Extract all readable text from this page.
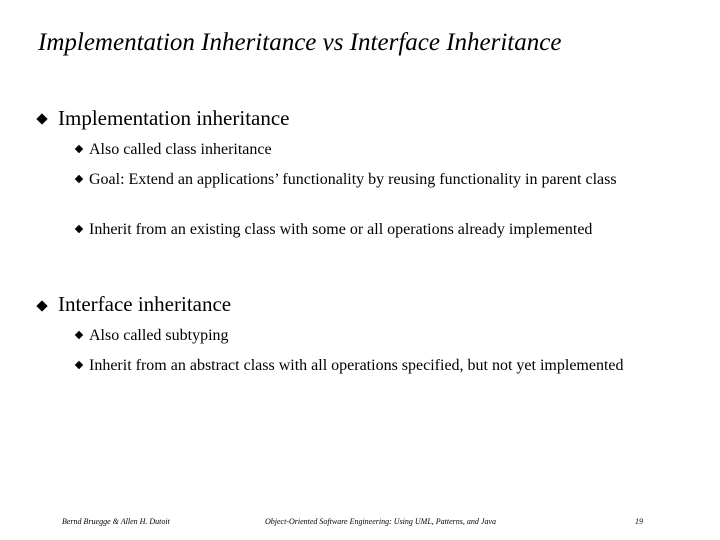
Implementation Inheritance vs Interface Inheritance
Implementation inheritance
Also called class inheritance
Goal: Extend an applications’ functionality by reusing functionality in parent class
Inherit from an existing class with some or all operations already implemented
Interface inheritance
Also called subtyping
Inherit from an abstract class with all operations specified, but not yet implemented
Bernd Bruegge & Allen H. Dutoit	Object-Oriented Software Engineering: Using UML, Patterns, and Java	19
